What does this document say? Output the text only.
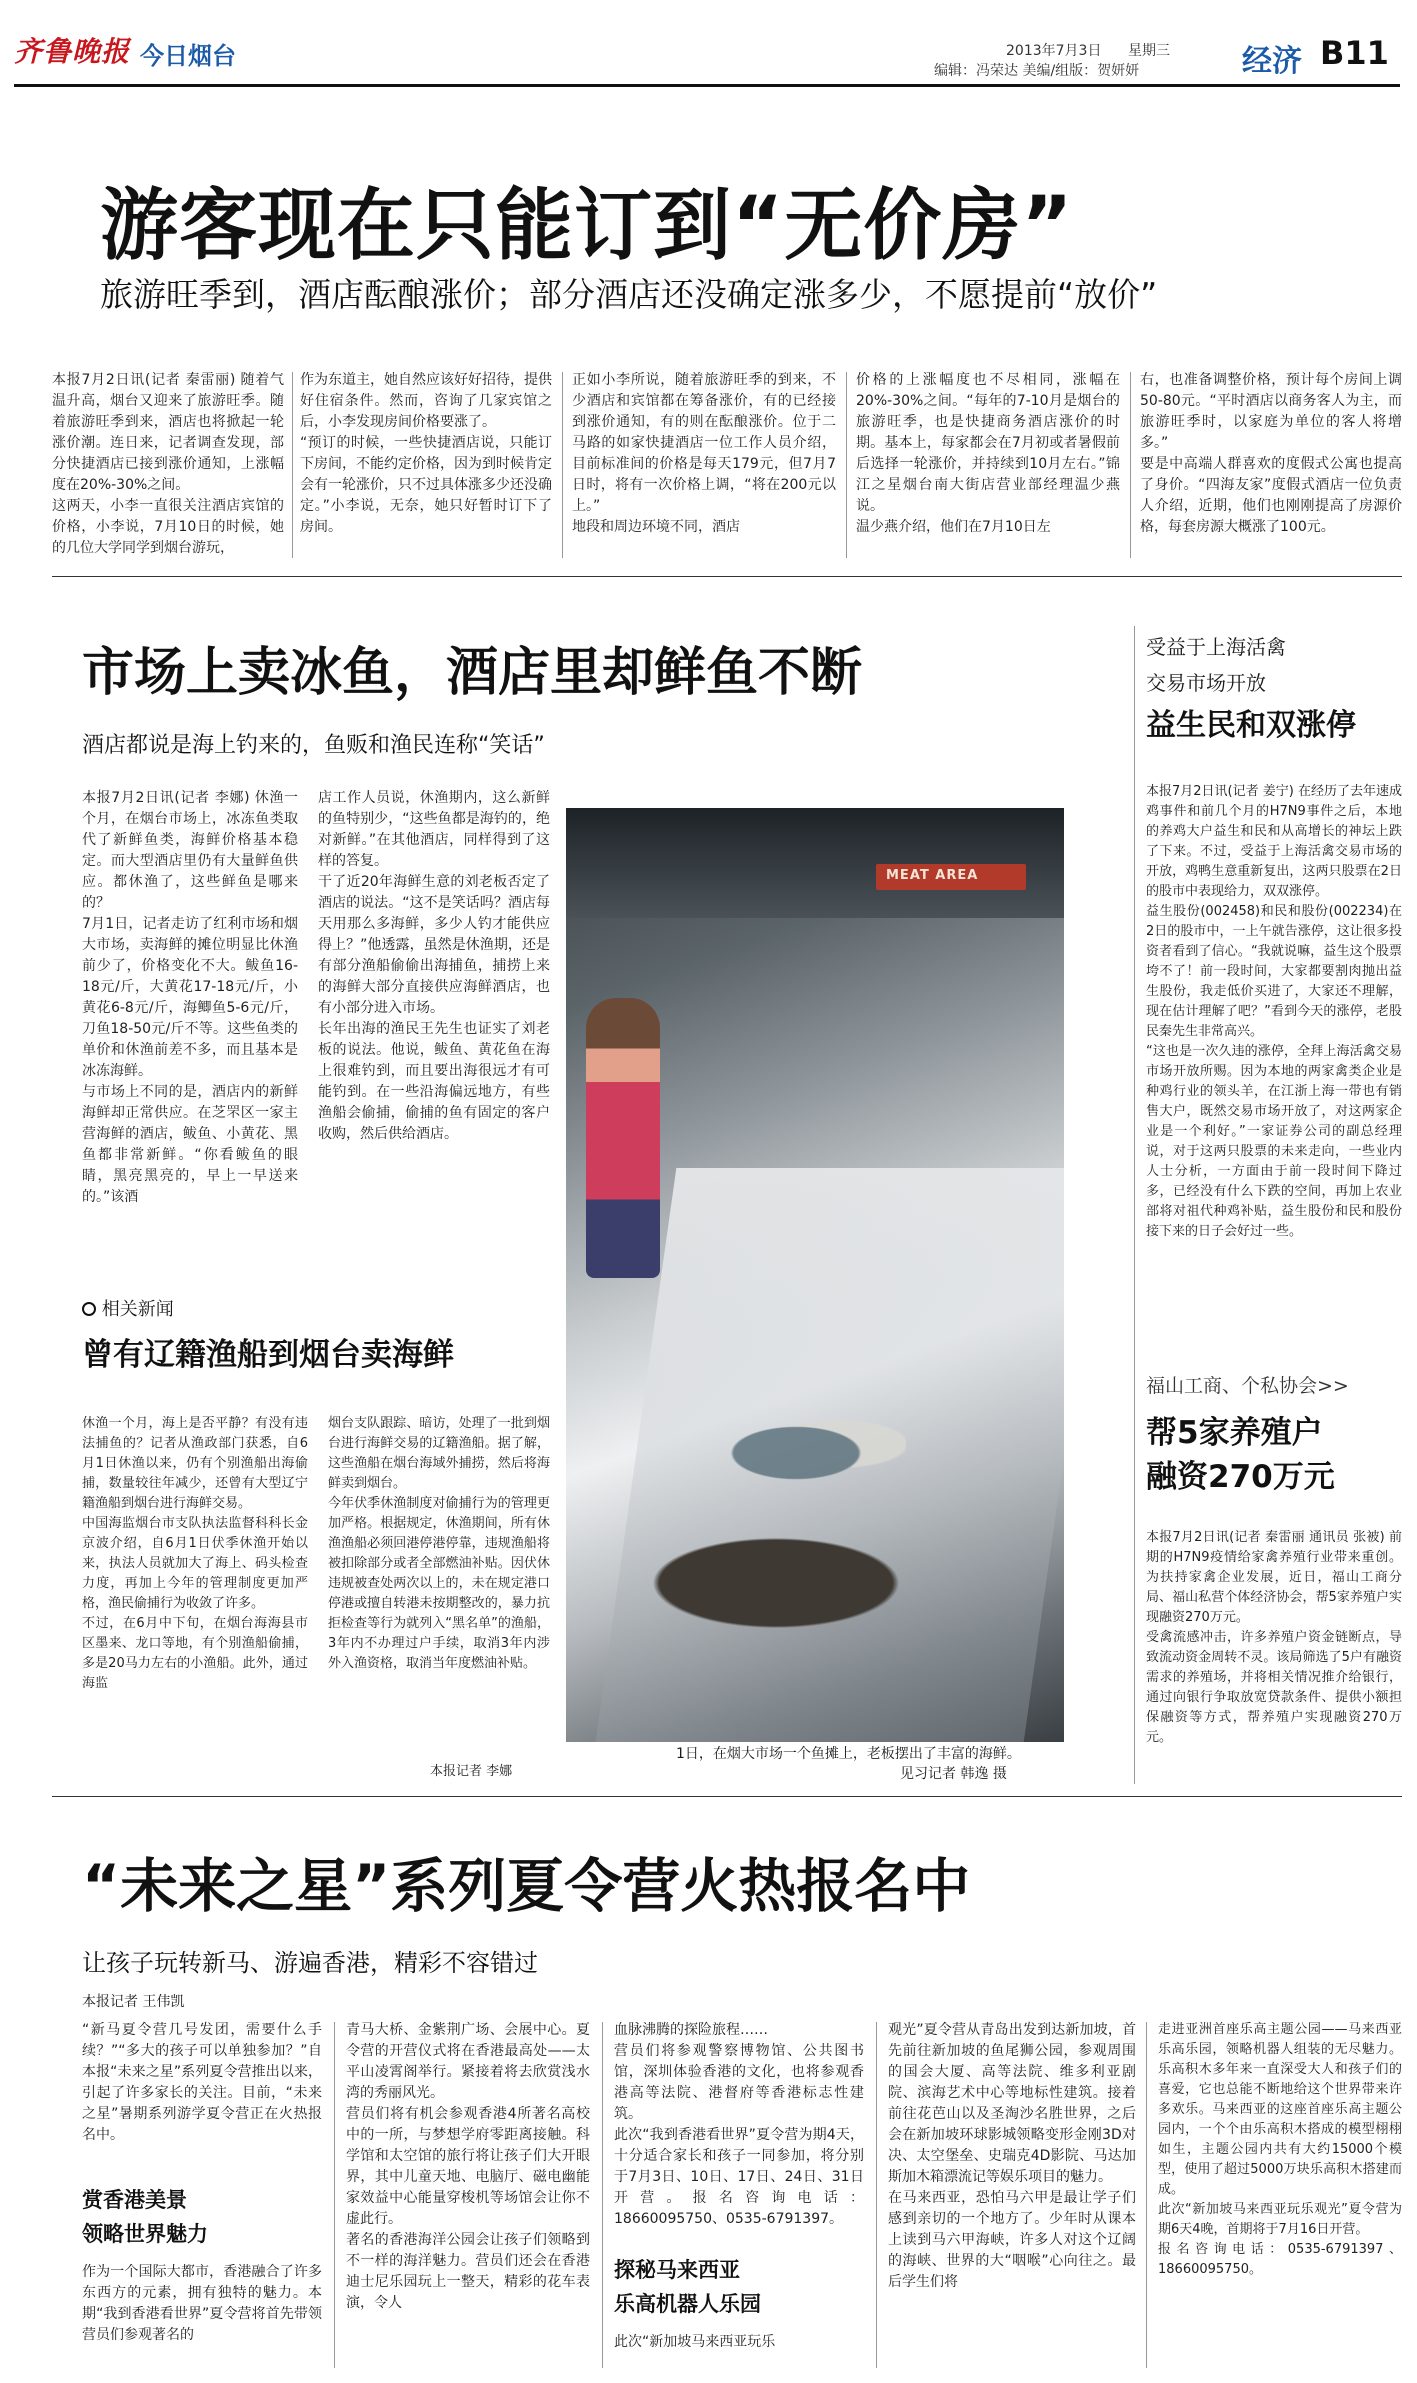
齐鲁晚报 今日烟台	2013年7月3日 星期三
编辑：冯荣达 美编/组版：贺妍妍	经济 B11
游客现在只能订到“无价房”
旅游旺季到，酒店酝酿涨价；部分酒店还没确定涨多少，不愿提前“放价”
本报7月2日讯(记者 秦雷丽) 随着气温升高，烟台又迎来了旅游旺季。随着旅游旺季到来，酒店也将掀起一轮涨价潮。连日来，记者调查发现，部分快捷酒店已接到涨价通知，上涨幅度在20%-30%之间。
这两天，小李一直很关注酒店宾馆的价格，小李说，7月10日的时候，她的几位大学同学到烟台游玩，
作为东道主，她自然应该好好招待，提供好住宿条件。然而，咨询了几家宾馆之后，小李发现房间价格要涨了。
“预订的时候，一些快捷酒店说，只能订下房间，不能约定价格，因为到时候肯定会有一轮涨价，只不过具体涨多少还没确定。”小李说，无奈，她只好暂时订下了房间。
正如小李所说，随着旅游旺季的到来，不少酒店和宾馆都在筹备涨价，有的已经接到涨价通知，有的则在酝酿涨价。位于二马路的如家快捷酒店一位工作人员介绍，目前标准间的价格是每天179元，但7月7日时，将有一次价格上调，“将在200元以上。”
地段和周边环境不同，酒店
价格的上涨幅度也不尽相同，涨幅在20%-30%之间。“每年的7-10月是烟台的旅游旺季，也是快捷商务酒店涨价的时期。基本上，每家都会在7月初或者暑假前后选择一轮涨价，并持续到10月左右。”锦江之星烟台南大街店营业部经理温少燕说。
温少燕介绍，他们在7月10日左
右，也准备调整价格，预计每个房间上调50-80元。“平时酒店以商务客人为主，而旅游旺季时，以家庭为单位的客人将增多。”
要是中高端人群喜欢的度假式公寓也提高了身价。“四海友家”度假式酒店一位负责人介绍，近期，他们也刚刚提高了房源价格，每套房源大概涨了100元。
市场上卖冰鱼，酒店里却鲜鱼不断
酒店都说是海上钓来的，鱼贩和渔民连称“笑话”
本报7月2日讯(记者 李娜) 休渔一个月，在烟台市场上，冰冻鱼类取代了新鲜鱼类，海鲜价格基本稳定。而大型酒店里仍有大量鲜鱼供应。都休渔了，这些鲜鱼是哪来的？
7月1日，记者走访了红利市场和烟大市场，卖海鲜的摊位明显比休渔前少了，价格变化不大。鲅鱼16-18元/斤，大黄花17-18元/斤，小黄花6-8元/斤，海鲫鱼5-6元/斤，刀鱼18-50元/斤不等。这些鱼类的单价和休渔前差不多，而且基本是冰冻海鲜。
与市场上不同的是，酒店内的新鲜海鲜却正常供应。在芝罘区一家主营海鲜的酒店，鲅鱼、小黄花、黑鱼都非常新鲜。“你看鲅鱼的眼睛，黑亮黑亮的，早上一早送来的。”该酒
店工作人员说，休渔期内，这么新鲜的鱼特别少，“这些鱼都是海钓的，绝对新鲜。”在其他酒店，同样得到了这样的答复。
干了近20年海鲜生意的刘老板否定了酒店的说法。“这不是笑话吗？酒店每天用那么多海鲜，多少人钓才能供应得上？”他透露，虽然是休渔期，还是有部分渔船偷偷出海捕鱼，捕捞上来的海鲜大部分直接供应海鲜酒店，也有小部分进入市场。
长年出海的渔民王先生也证实了刘老板的说法。他说，鲅鱼、黄花鱼在海上很难钓到，而且要出海很远才有可能钓到。在一些沿海偏远地方，有些渔船会偷捕，偷捕的鱼有固定的客户收购，然后供给酒店。
MEAT AREA
1日，在烟大市场一个鱼摊上，老板摆出了丰富的海鲜。
见习记者 韩逸 摄
相关新闻
曾有辽籍渔船到烟台卖海鲜
休渔一个月，海上是否平静？有没有违法捕鱼的？记者从渔政部门获悉，自6月1日休渔以来，仍有个别渔船出海偷捕，数量较往年减少，还曾有大型辽宁籍渔船到烟台进行海鲜交易。
中国海监烟台市支队执法监督科科长金京波介绍，自6月1日伏季休渔开始以来，执法人员就加大了海上、码头检查力度，再加上今年的管理制度更加严格，渔民偷捕行为收敛了许多。
不过，在6月中下旬，在烟台海海县市区墨来、龙口等地，有个别渔船偷捕，多是20马力左右的小渔船。此外，通过海监
烟台支队跟踪、暗访，处理了一批到烟台进行海鲜交易的辽籍渔船。据了解，这些渔船在烟台海域外捕捞，然后将海鲜卖到烟台。
今年伏季休渔制度对偷捕行为的管理更加严格。根据规定，休渔期间，所有休渔渔船必须回港停港停靠，违规渔船将被扣除部分或者全部燃油补贴。因伏休违规被查处两次以上的，未在规定港口停港或擅自转港未按期整改的，暴力抗拒检查等行为就列入“黑名单”的渔船，3年内不办理过户手续，取消3年内涉外入渔资格，取消当年度燃油补贴。
本报记者 李娜
受益于上海活禽
交易市场开放
益生民和双涨停
本报7月2日讯(记者 姜宁) 在经历了去年速成鸡事件和前几个月的H7N9事件之后，本地的养鸡大户益生和民和从高增长的神坛上跌了下来。不过，受益于上海活禽交易市场的开放，鸡鸭生意重新复出，这两只股票在2日的股市中表现给力，双双涨停。
益生股份(002458)和民和股份(002234)在2日的股市中，一上午就告涨停，这让很多投资者看到了信心。“我就说嘛，益生这个股票垮不了！前一段时间，大家都要割肉抛出益生股份，我走低价买进了，大家还不理解，现在估计理解了吧？”看到今天的涨停，老股民秦先生非常高兴。
“这也是一次久违的涨停，全拜上海活禽交易市场开放所赐。因为本地的两家禽类企业是种鸡行业的领头羊，在江浙上海一带也有销售大户，既然交易市场开放了，对这两家企业是一个利好。”一家证券公司的副总经理说，对于这两只股票的未来走向，一些业内人士分析，一方面由于前一段时间下降过多，已经没有什么下跌的空间，再加上农业部将对祖代种鸡补贴，益生股份和民和股份接下来的日子会好过一些。
福山工商、个私协会>>
帮5家养殖户
融资270万元
本报7月2日讯(记者 秦雷丽 通讯员 张被) 前期的H7N9疫情给家禽养殖行业带来重创。为扶持家禽企业发展，近日，福山工商分局、福山私营个体经济协会，帮5家养殖户实现融资270万元。
受禽流感冲击，许多养殖户资金链断点，导致流动资金周转不灵。该局筛选了5户有融资需求的养殖场，并将相关情况推介给银行，通过向银行争取放宽贷款条件、提供小额担保融资等方式，帮养殖户实现融资270万元。
“未来之星”系列夏令营火热报名中
让孩子玩转新马、游遍香港，精彩不容错过
本报记者 王伟凯
“新马夏令营几号发团，需要什么手续？”“多大的孩子可以单独参加？”自本报“未来之星”系列夏令营推出以来，引起了许多家长的关注。目前，“未来之星”暑期系列游学夏令营正在火热报名中。
赏香港美景
领略世界魅力
作为一个国际大都市，香港融合了许多东西方的元素，拥有独特的魅力。本期“我到香港看世界”夏令营将首先带领营员们参观著名的
青马大桥、金紫荆广场、会展中心。夏令营的开营仪式将在香港最高处——太平山凌霄阁举行。紧接着将去欣赏浅水湾的秀丽风光。
营员们将有机会参观香港4所著名高校中的一所，与梦想学府零距离接触。科学馆和太空馆的旅行将让孩子们大开眼界，其中儿童天地、电脑厅、磁电幽能家效益中心能量穿梭机等场馆会让你不虚此行。
著名的香港海洋公园会让孩子们领略到不一样的海洋魅力。营员们还会在香港迪士尼乐园玩上一整天，精彩的花车表演，令人
血脉沸腾的探险旅程……
营员们将参观警察博物馆、公共图书馆，深圳体验香港的文化，也将参观香港高等法院、港督府等香港标志性建筑。
此次“我到香港看世界”夏令营为期4天，十分适合家长和孩子一同参加，将分别于7月3日、10日、17日、24日、31日开营。报名咨询电话：18660095750、0535-6791397。
探秘马来西亚
乐高机器人乐园
此次“新加坡马来西亚玩乐
观光”夏令营从青岛出发到达新加坡，首先前往新加坡的鱼尾狮公园，参观周围的国会大厦、高等法院、维多利亚剧院、滨海艺术中心等地标性建筑。接着前往花芭山以及圣淘沙名胜世界，之后会在新加坡环球影城领略变形金刚3D对决、太空堡垒、史瑞克4D影院、马达加斯加木箱漂流记等娱乐项目的魅力。
在马来西亚，恐怕马六甲是最让学子们感到亲切的一个地方了。少年时从课本上读到马六甲海峡，许多人对这个辽阔的海峡、世界的大“咽喉”心向往之。最后学生们将
走进亚洲首座乐高主题公园——马来西亚乐高乐园，领略机器人组装的无尽魅力。乐高积木多年来一直深受大人和孩子们的喜爱，它也总能不断地给这个世界带来许多欢乐。马来西亚的这座首座乐高主题公园内，一个个由乐高积木搭成的模型栩栩如生，主题公园内共有大约15000个模型，使用了超过5000万块乐高积木搭建而成。
此次“新加坡马来西亚玩乐观光”夏令营为期6天4晚，首期将于7月16日开营。
报名咨询电话：0535-6791397、18660095750。
